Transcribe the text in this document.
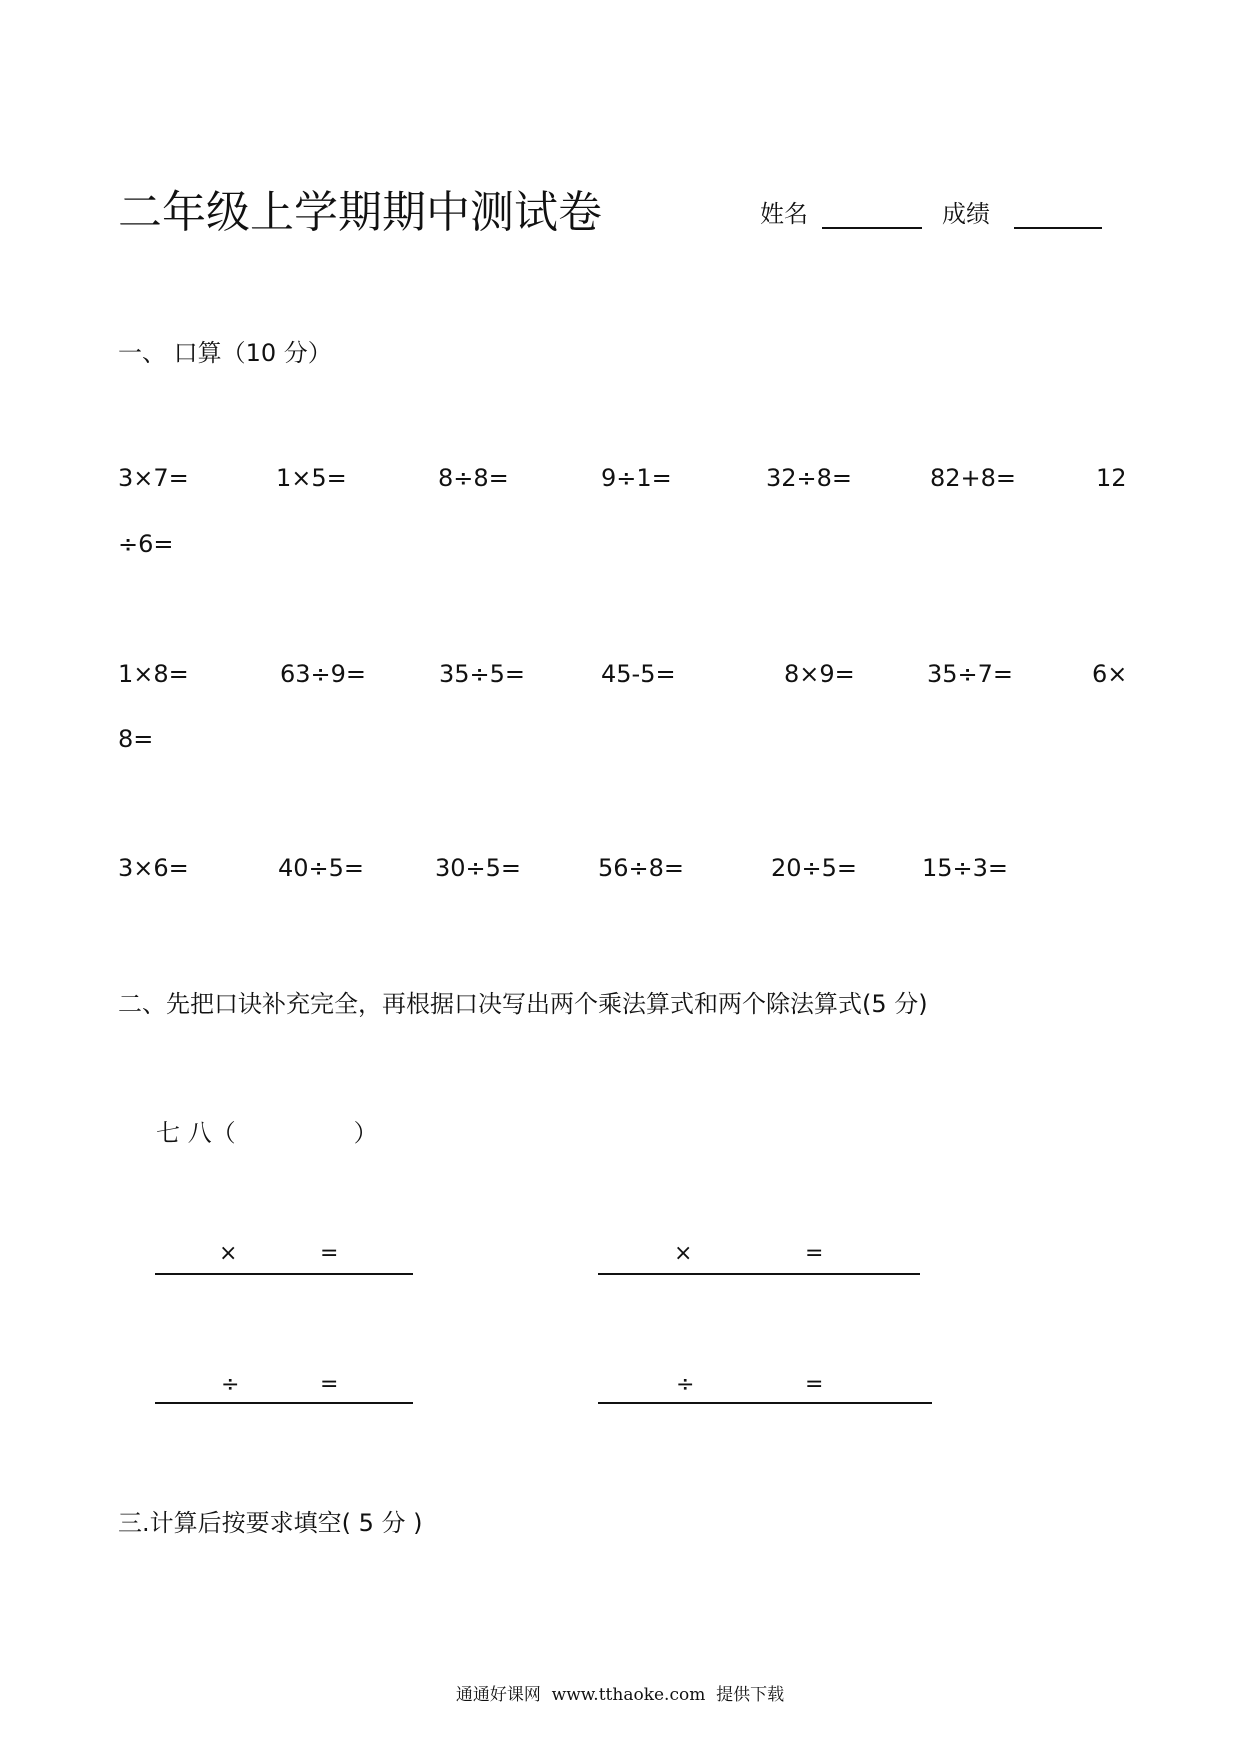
二年级上学期期中测试卷	姓名	成绩
一、 口算（10 分）
3×7=	1×5=	8÷8=	9÷1=	32÷8=	82+8=	12
÷6=
1×8=	63÷9=	35÷5=	45-5=	8×9=	35÷7=	6×
8=
3×6=	40÷5=	30÷5=	56÷8=	20÷5=	15÷3=
二、先把口诀补充完全，再根据口决写出两个乘法算式和两个除法算式(5 分)
七 八（	）
×	=	×	=
÷	=	÷	=
三.计算后按要求填空( 5 分 )
通通好课网  www.tthaoke.com  提供下载
